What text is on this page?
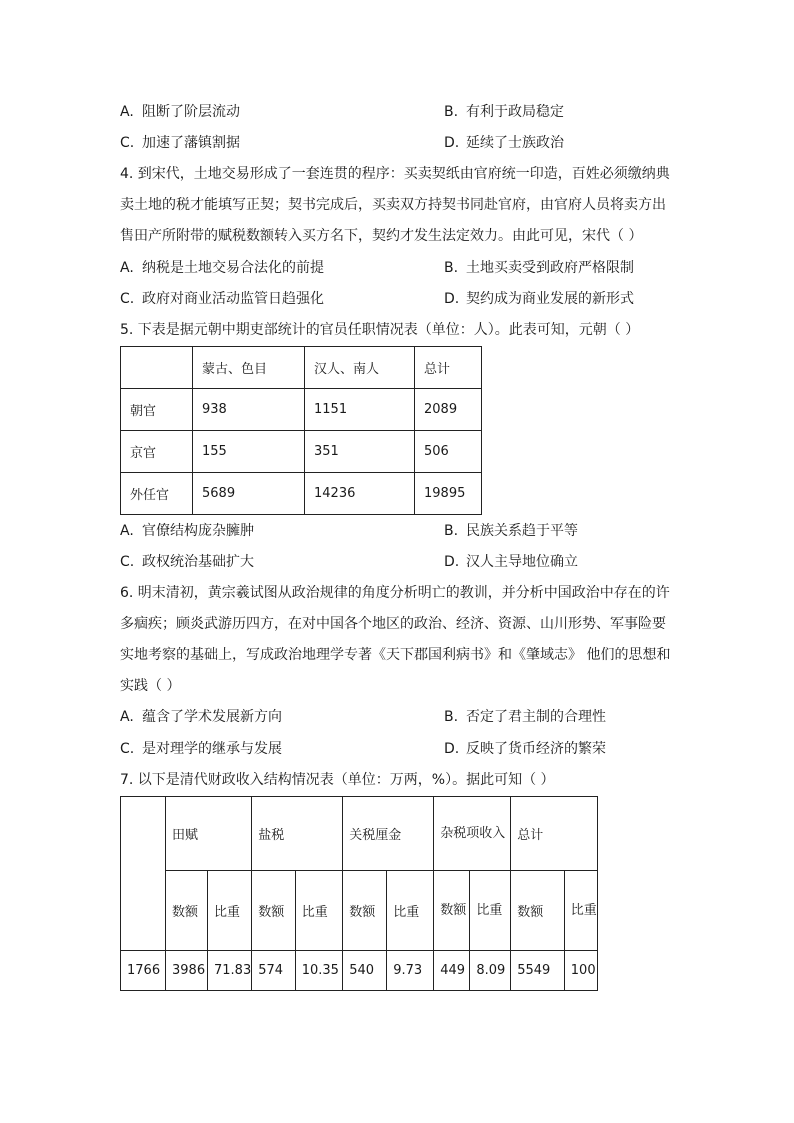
A. 阻断了阶层流动	B. 有利于政局稳定
C. 加速了藩镇割据	D. 延续了士族政治
4. 到宋代，土地交易形成了一套连贯的程序：买卖契纸由官府统一印造，百姓必须缴纳典
卖土地的税才能填写正契；契书完成后，买卖双方持契书同赴官府，由官府人员将卖方出
售田产所附带的赋税数额转入买方名下，契约才发生法定效力。由此可见，宋代（ ）
A. 纳税是土地交易合法化的前提	B. 土地买卖受到政府严格限制
C. 政府对商业活动监管日趋强化	D. 契约成为商业发展的新形式
5. 下表是据元朝中期吏部统计的官员任职情况表（单位：人）。此表可知，元朝（ ）
	蒙古、色目	汉人、南人	总计
朝官	938	1151	2089
京官	155	351	506
外任官	5689	14236	19895
A. 官僚结构庞杂臃肿	B. 民族关系趋于平等
C. 政权统治基础扩大	D. 汉人主导地位确立
6. 明末清初，黄宗羲试图从政治规律的角度分析明亡的教训，并分析中国政治中存在的许
多痼疾；顾炎武游历四方，在对中国各个地区的政治、经济、资源、山川形势、军事险要
实地考察的基础上，写成政治地理学专著《天下郡国利病书》和《肇域志》 他们的思想和
实践（ ）
A. 蕴含了学术发展新方向	B. 否定了君主制的合理性
C. 是对理学的继承与发展	D. 反映了货币经济的繁荣
7. 以下是清代财政收入结构情况表（单位：万两，%）。据此可知（ ）
	田赋		盐税		关税厘金		杂税项收入		总计	
	数额	比重	数额	比重	数额	比重	数额	比重	数额	比重
1766	3986	71.83	574	10.35	540	9.73	449	8.09	5549	100
